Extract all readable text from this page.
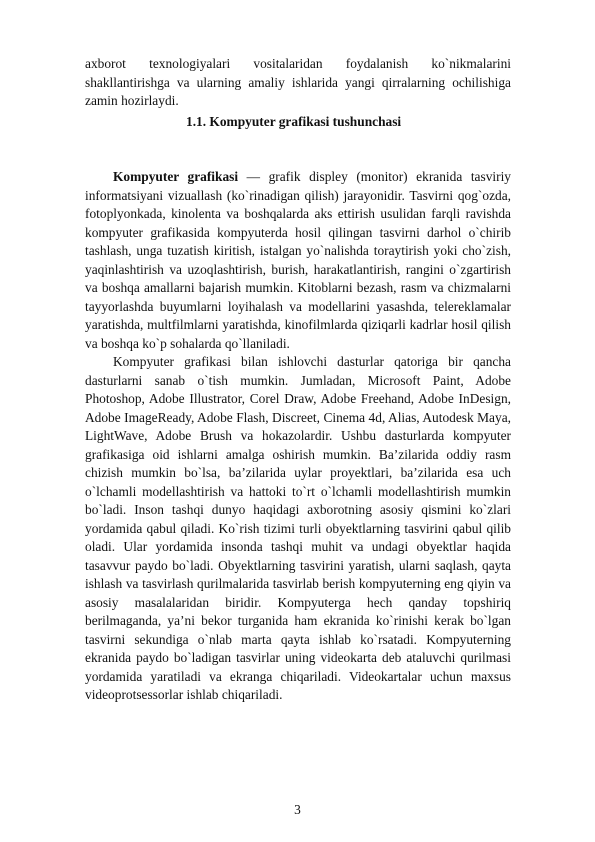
axborot texnologiyalari vositalaridan foydalanish ko`nikmalarini shakllantirishga va ularning amaliy ishlarida yangi qirralarning ochilishiga zamin hozirlaydi.

1.1. Kompyuter grafikasi tushunchasi

Kompyuter grafikasi — grafik displey (monitor) ekranida tasviriy informatsiyani vizuallash (ko`rinadigan qilish) jarayonidir. Tasvirni qog`ozda, fotoplyonkada, kinolenta va boshqalarda aks ettirish usulidan farqli ravishda kompyuter grafikasida kompyuterda hosil qilingan tasvirni darhol o`chirib tashlash, unga tuzatish kiritish, istalgan yo`nalishda toraytirish yoki cho`zish, yaqinlashtirish va uzoqlashtirish, burish, harakatlantirish, rangini o`zgartirish va boshqa amallarni bajarish mumkin. Kitoblarni bezash, rasm va chizmalarni tayyorlashda buyumlarni loyihalash va modellarini yasashda, telereklamalar yaratishda, multfilmlarni yaratishda, kinofilmlarda qiziqarli kadrlar hosil qilish va boshqa ko`p sohalarda qo`llaniladi.

Kompyuter grafikasi bilan ishlovchi dasturlar qatoriga bir qancha dasturlarni sanab o`tish mumkin. Jumladan, Microsoft Paint, Adobe Photoshop, Adobe Illustrator, Corel Draw, Adobe Freehand, Adobe InDesign, Adobe ImageReady, Adobe Flash, Discreet, Cinema 4d, Alias, Autodesk Maya, LightWave, Adobe Brush va hokazolardir. Ushbu dasturlarda kompyuter grafikasiga oid ishlarni amalga oshirish mumkin. Ba’zilarida oddiy rasm chizish mumkin bo`lsa, ba’zilarida uylar proyektlari, ba’zilarida esa uch o`lchamli modellashtirish va hattoki to`rt o`lchamli modellashtirish mumkin bo`ladi. Inson tashqi dunyo haqidagi axborotning asosiy qismini ko`zlari yordamida qabul qiladi. Ko`rish tizimi turli obyektlarning tasvirini qabul qilib oladi. Ular yordamida insonda tashqi muhit va undagi obyektlar haqida tasavvur paydo bo`ladi. Obyektlarning tasvirini yaratish, ularni saqlash, qayta ishlash va tasvirlash qurilmalarida tasvirlab berish kompyuterning eng qiyin va asosiy masalalaridan biridir. Kompyuterga hech qanday topshiriq berilmaganda, ya’ni bekor turganida ham ekranida ko`rinishi kerak bo`lgan tasvirni sekundiga o`nlab marta qayta ishlab ko`rsatadi. Kompyuterning ekranida paydo bo`ladigan tasvirlar uning videokarta deb ataluvchi qurilmasi yordamida yaratiladi va ekranga chiqariladi. Videokartalar uchun maxsus videoprotsessorlar ishlab chiqariladi.

3
